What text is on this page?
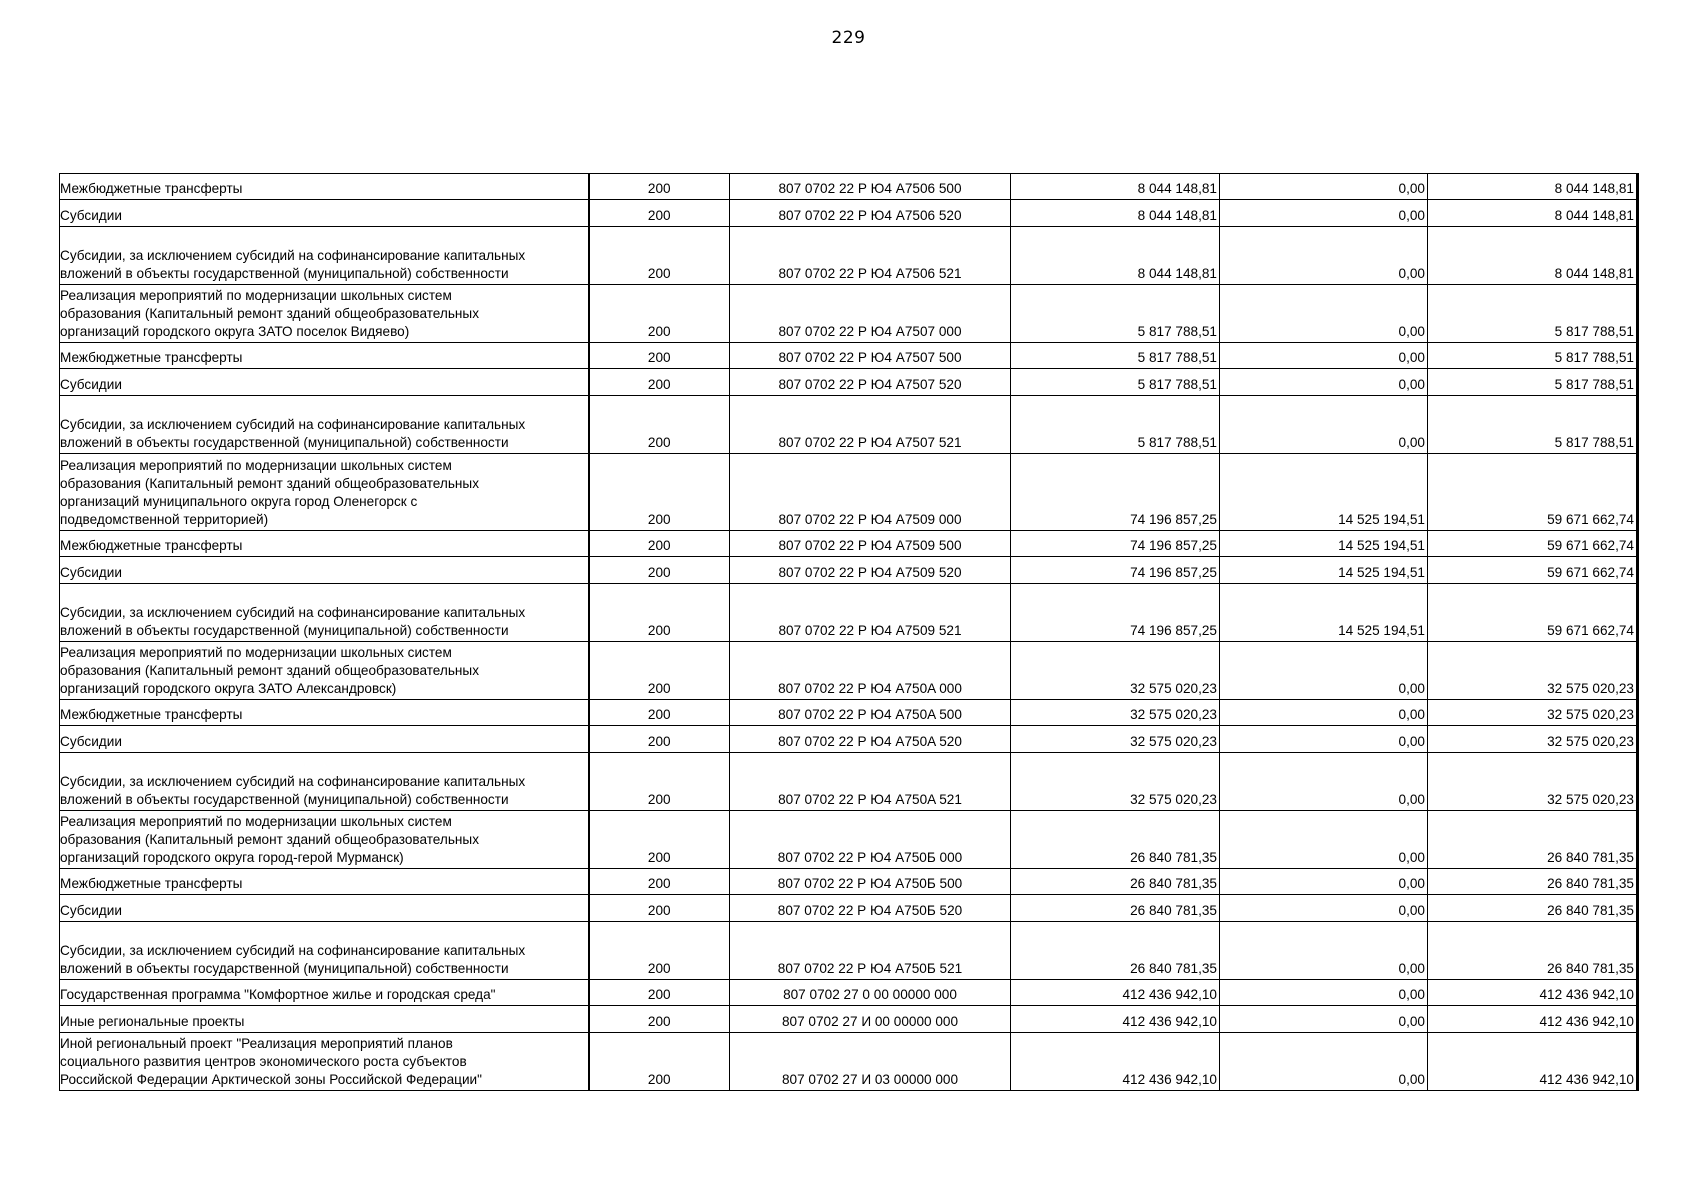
229
Межбюджетные трансферты	200	807 0702 22 Р Ю4 A7506 500	8 044 148,81	0,00	8 044 148,81
Субсидии	200	807 0702 22 Р Ю4 A7506 520	8 044 148,81	0,00	8 044 148,81
Субсидии, за исключением субсидий на софинансирование капитальных
вложений в объекты государственной (муниципальной) собственности	200	807 0702 22 Р Ю4 A7506 521	8 044 148,81	0,00	8 044 148,81
Реализация мероприятий по модернизации школьных систем
образования (Капитальный ремонт зданий общеобразовательных
организаций городского округа ЗАТО поселок Видяево)	200	807 0702 22 Р Ю4 A7507 000	5 817 788,51	0,00	5 817 788,51
Межбюджетные трансферты	200	807 0702 22 Р Ю4 A7507 500	5 817 788,51	0,00	5 817 788,51
Субсидии	200	807 0702 22 Р Ю4 A7507 520	5 817 788,51	0,00	5 817 788,51
Субсидии, за исключением субсидий на софинансирование капитальных
вложений в объекты государственной (муниципальной) собственности	200	807 0702 22 Р Ю4 A7507 521	5 817 788,51	0,00	5 817 788,51
Реализация мероприятий по модернизации школьных систем
образования (Капитальный ремонт зданий общеобразовательных
организаций муниципального округа город Оленегорск с
подведомственной территорией)	200	807 0702 22 Р Ю4 A7509 000	74 196 857,25	14 525 194,51	59 671 662,74
Межбюджетные трансферты	200	807 0702 22 Р Ю4 A7509 500	74 196 857,25	14 525 194,51	59 671 662,74
Субсидии	200	807 0702 22 Р Ю4 A7509 520	74 196 857,25	14 525 194,51	59 671 662,74
Субсидии, за исключением субсидий на софинансирование капитальных
вложений в объекты государственной (муниципальной) собственности	200	807 0702 22 Р Ю4 A7509 521	74 196 857,25	14 525 194,51	59 671 662,74
Реализация мероприятий по модернизации школьных систем
образования (Капитальный ремонт зданий общеобразовательных
организаций городского округа ЗАТО Александровск)	200	807 0702 22 Р Ю4 A750A 000	32 575 020,23	0,00	32 575 020,23
Межбюджетные трансферты	200	807 0702 22 Р Ю4 A750A 500	32 575 020,23	0,00	32 575 020,23
Субсидии	200	807 0702 22 Р Ю4 A750A 520	32 575 020,23	0,00	32 575 020,23
Субсидии, за исключением субсидий на софинансирование капитальных
вложений в объекты государственной (муниципальной) собственности	200	807 0702 22 Р Ю4 A750A 521	32 575 020,23	0,00	32 575 020,23
Реализация мероприятий по модернизации школьных систем
образования (Капитальный ремонт зданий общеобразовательных
организаций городского округа город-герой Мурманск)	200	807 0702 22 Р Ю4 A750Б 000	26 840 781,35	0,00	26 840 781,35
Межбюджетные трансферты	200	807 0702 22 Р Ю4 A750Б 500	26 840 781,35	0,00	26 840 781,35
Субсидии	200	807 0702 22 Р Ю4 A750Б 520	26 840 781,35	0,00	26 840 781,35
Субсидии, за исключением субсидий на софинансирование капитальных
вложений в объекты государственной (муниципальной) собственности	200	807 0702 22 Р Ю4 A750Б 521	26 840 781,35	0,00	26 840 781,35
Государственная программа "Комфортное жилье и городская среда"	200	807 0702 27 0 00 00000 000	412 436 942,10	0,00	412 436 942,10
Иные региональные проекты	200	807 0702 27 И 00 00000 000	412 436 942,10	0,00	412 436 942,10
Иной региональный проект "Реализация мероприятий планов
социального развития центров экономического роста субъектов
Российской Федерации Арктической зоны Российской Федерации"	200	807 0702 27 И 03 00000 000	412 436 942,10	0,00	412 436 942,10
